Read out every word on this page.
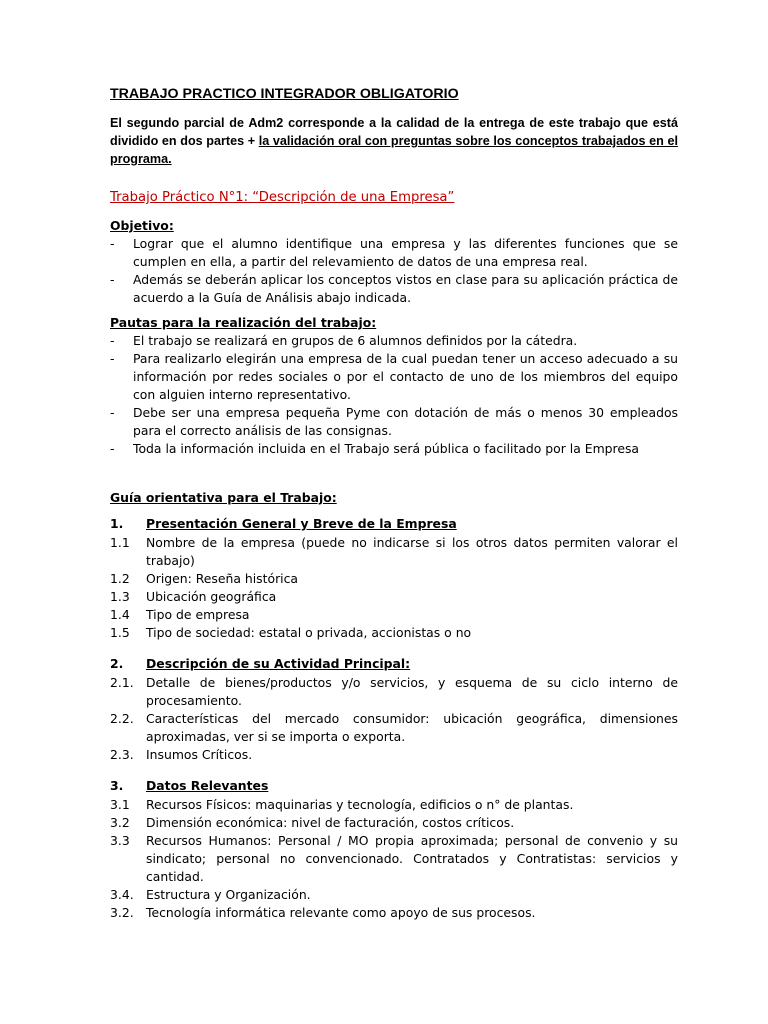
TRABAJO PRACTICO INTEGRADOR OBLIGATORIO
El segundo parcial de Adm2 corresponde a la calidad de la entrega de este trabajo que está dividido en dos partes + la validación oral con preguntas sobre los conceptos trabajados en el programa.
Trabajo Práctico N°1: “Descripción de una Empresa”
Objetivo:
- Lograr que el alumno identifique una empresa y las diferentes funciones que se cumplen en ella, a partir del relevamiento de datos de una empresa real.
- Además se deberán aplicar los conceptos vistos en clase para su aplicación práctica de acuerdo a la Guía de Análisis abajo indicada.
Pautas para la realización del trabajo:
- El trabajo se realizará en grupos de 6 alumnos definidos por la cátedra.
- Para realizarlo elegirán una empresa de la cual puedan tener un acceso adecuado a su información por redes sociales o por el contacto de uno de los miembros del equipo con alguien interno representativo.
- Debe ser una empresa pequeña Pyme con dotación de más o menos 30 empleados para el correcto análisis de las consignas.
- Toda la información incluida en el Trabajo será pública o facilitado por la Empresa
Guía orientativa para el Trabajo:
1. Presentación General y Breve de la Empresa
1.1 Nombre de la empresa (puede no indicarse si los otros datos permiten valorar el trabajo)
1.2 Origen: Reseña histórica
1.3 Ubicación geográfica
1.4 Tipo de empresa
1.5 Tipo de sociedad: estatal o privada, accionistas o no
2. Descripción de su Actividad Principal:
2.1. Detalle de bienes/productos y/o servicios, y esquema de su ciclo interno de procesamiento.
2.2. Características del mercado consumidor: ubicación geográfica, dimensiones aproximadas, ver si se importa o exporta.
2.3. Insumos Críticos.
3. Datos Relevantes
3.1 Recursos Físicos: maquinarias y tecnología, edificios o n° de plantas.
3.2 Dimensión económica: nivel de facturación, costos críticos.
3.3 Recursos Humanos: Personal / MO propia aproximada; personal de convenio y su sindicato; personal no convencionado. Contratados y Contratistas: servicios y cantidad.
3.4. Estructura y Organización.
3.2. Tecnología informática relevante como apoyo de sus procesos.
